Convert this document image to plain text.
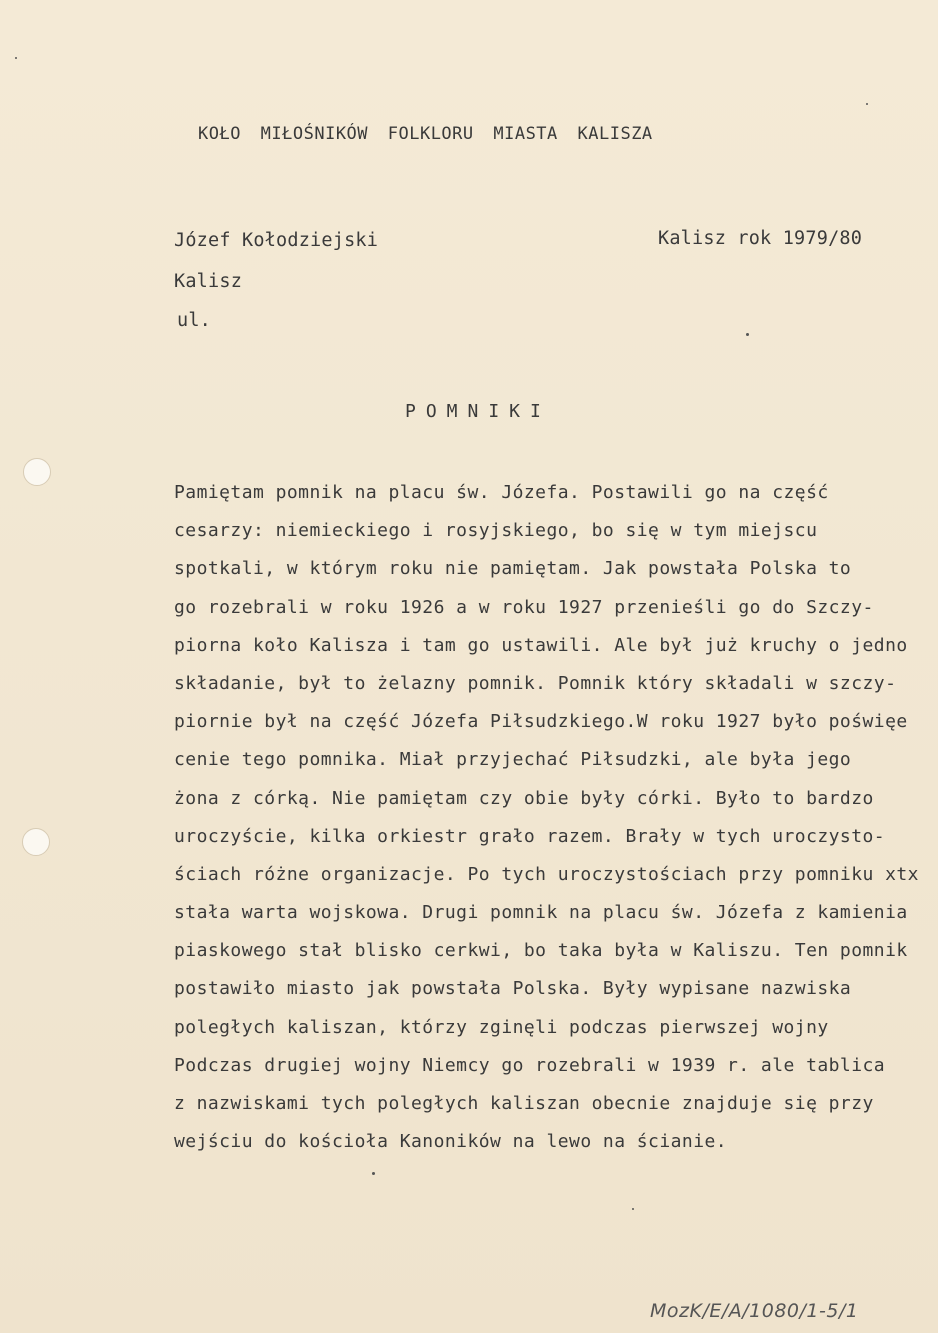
KOŁO MIŁOŚNIKÓW FOLKLORU MIASTA KALISZA
Józef Kołodziejski	Kalisz rok 1979/80
Kalisz
ul.
POMNIKI
Pamiętam pomnik na placu św. Józefa. Postawili go na część
cesarzy: niemieckiego i rosyjskiego, bo się w tym miejscu
spotkali, w którym roku nie pamiętam. Jak powstała Polska to
go rozebrali w roku 1926 a w roku 1927 przenieśli go do Szczy-
piorna koło Kalisza i tam go ustawili. Ale był już kruchy o jedno
składanie, był to żelazny pomnik. Pomnik który składali w szczy-
piornie był na część Józefa Piłsudzkiego.W roku 1927 było poświęe
cenie tego pomnika. Miał przyjechać Piłsudzki, ale była jego
żona z córką. Nie pamiętam czy obie były córki. Było to bardzo
uroczyście, kilka orkiestr grało razem. Brały w tych uroczysto-
ściach różne organizacje. Po tych uroczystościach przy pomniku xtx
stała warta wojskowa. Drugi pomnik na placu św. Józefa z kamienia
piaskowego stał blisko cerkwi, bo taka była w Kaliszu. Ten pomnik
postawiło miasto jak powstała Polska. Były wypisane nazwiska
poległych kaliszan, którzy zginęli podczas pierwszej wojny
Podczas drugiej wojny Niemcy go rozebrali w 1939 r. ale tablica
z nazwiskami tych poległych kaliszan obecnie znajduje się przy
wejściu do kościoła Kanoników na lewo na ścianie.
MozK/E/A/1080/1-5/1
